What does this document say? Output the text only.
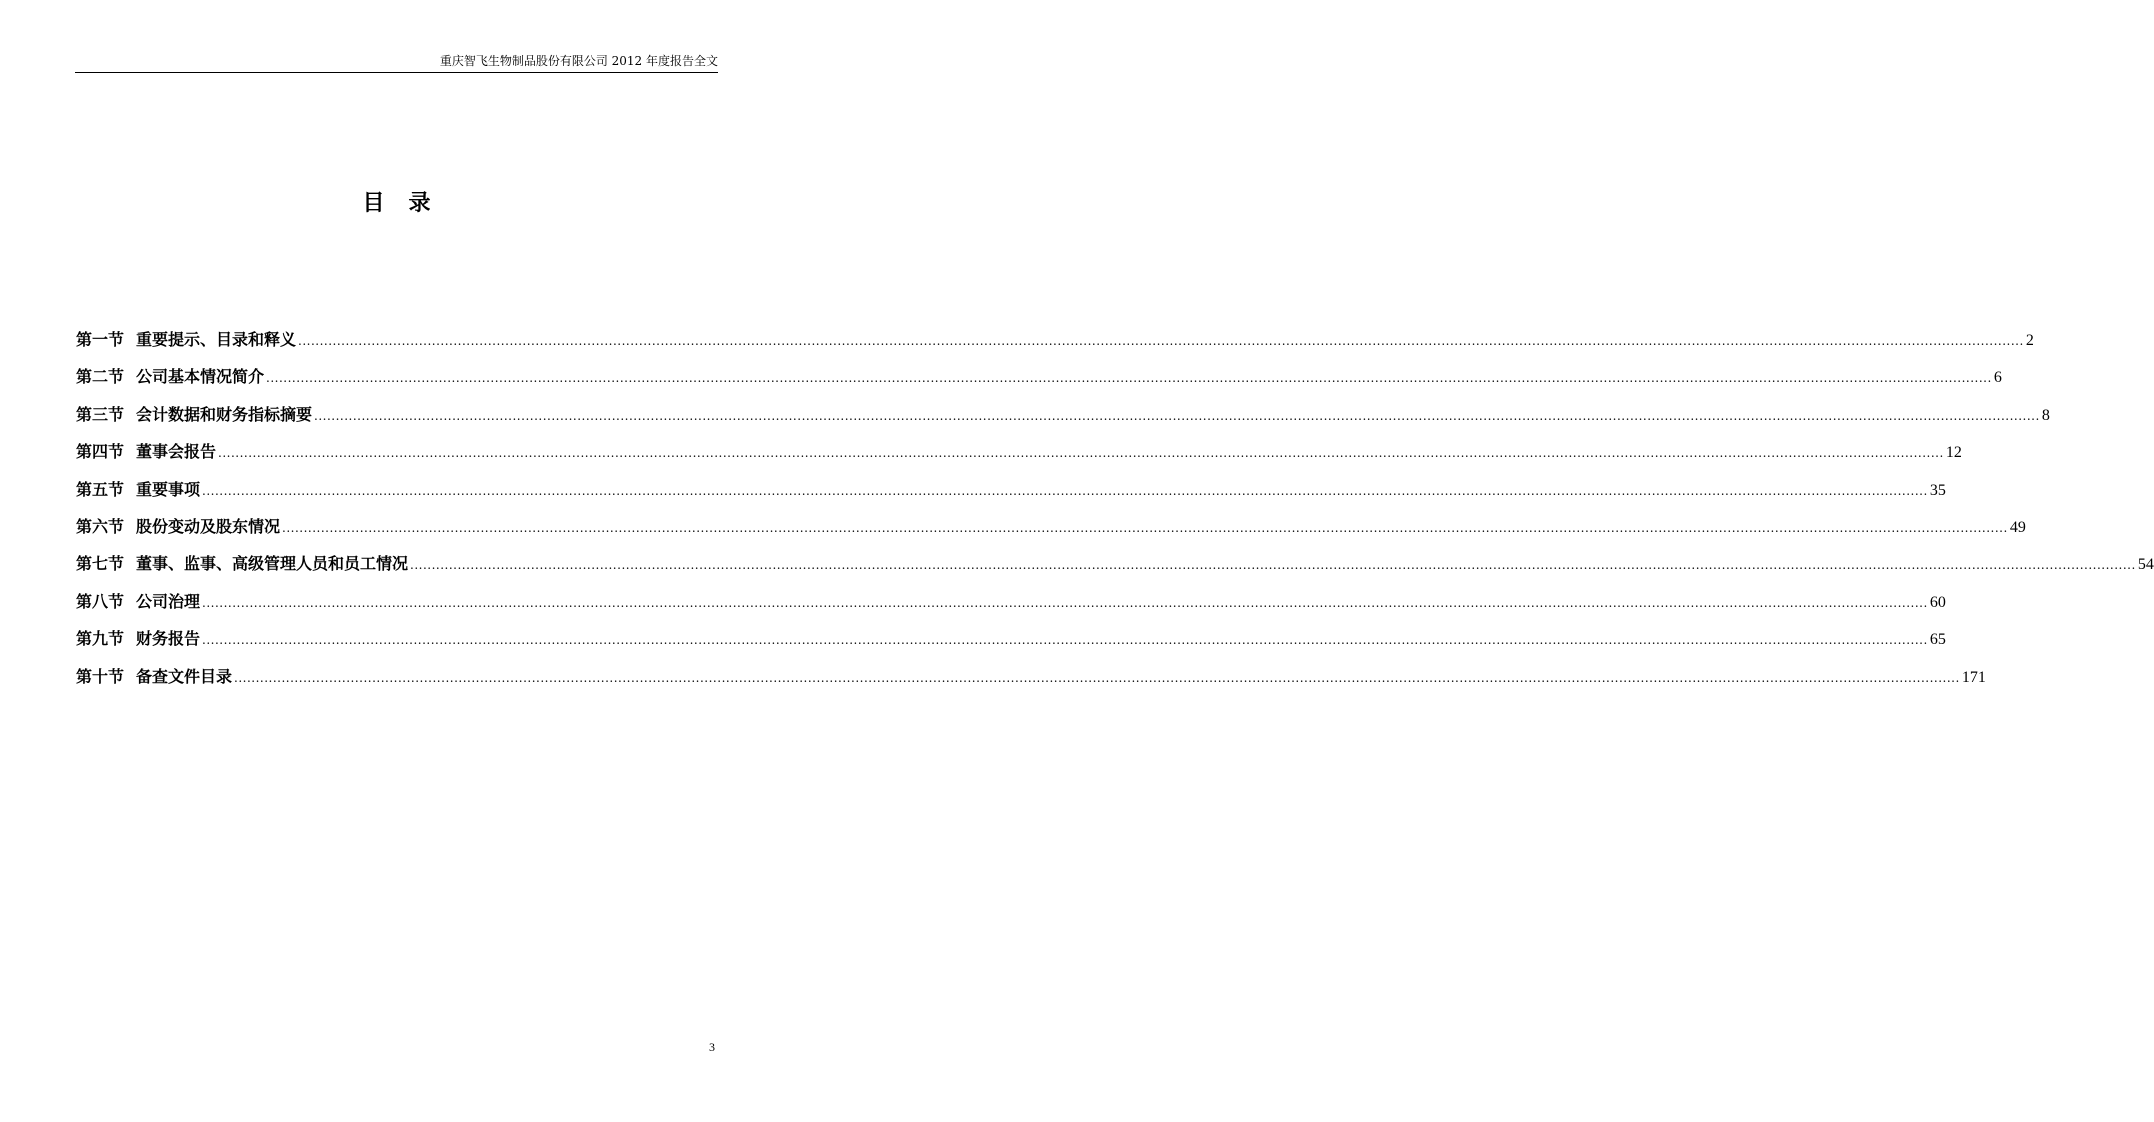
重庆智飞生物制品股份有限公司 2012 年度报告全文
目录
第一节 重要提示、目录和释义 ................................................................................................................................................................................................................................................................................................................................................................................................................ 2
第二节 公司基本情况简介 ................................................................................................................................................................................................................................................................................................................................................................................................................ 6
第三节 会计数据和财务指标摘要 ................................................................................................................................................................................................................................................................................................................................................................................................................ 8
第四节 董事会报告 ................................................................................................................................................................................................................................................................................................................................................................................................................ 12
第五节 重要事项 ................................................................................................................................................................................................................................................................................................................................................................................................................ 35
第六节 股份变动及股东情况 ................................................................................................................................................................................................................................................................................................................................................................................................................ 49
第七节 董事、监事、高级管理人员和员工情况 ................................................................................................................................................................................................................................................................................................................................................................................................................ 54
第八节 公司治理 ................................................................................................................................................................................................................................................................................................................................................................................................................ 60
第九节 财务报告 ................................................................................................................................................................................................................................................................................................................................................................................................................ 65
第十节 备查文件目录 ................................................................................................................................................................................................................................................................................................................................................................................................................ 171
3
